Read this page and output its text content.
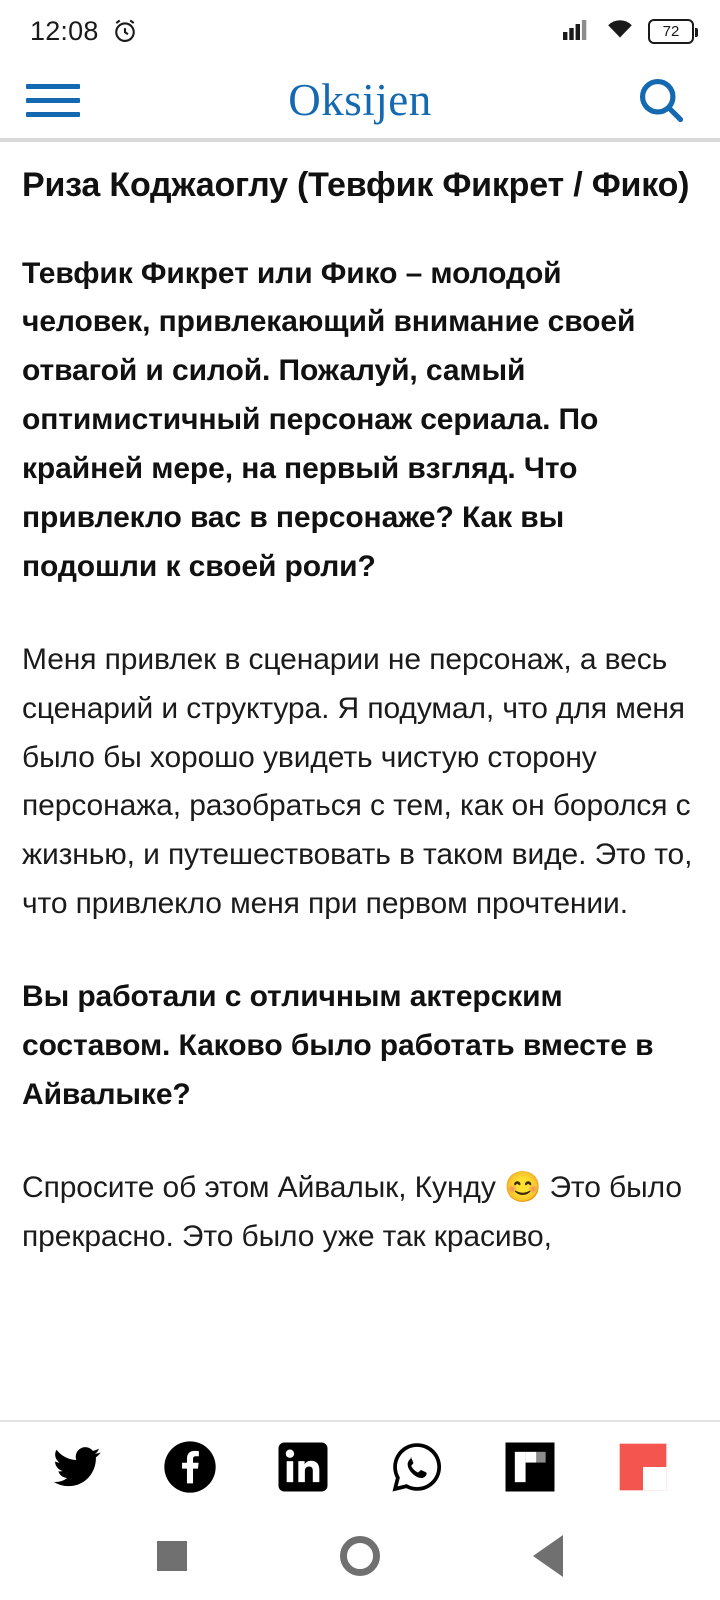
12:08	72
Oksijen
Риза Коджаоглу (Тевфик Фикрет / Фико)

Тевфик Фикрет или Фико – молодой человек, привлекающий внимание своей отвагой и силой. Пожалуй, самый оптимистичный персонаж сериала. По крайней мере, на первый взгляд. Что привлекло вас в персонаже? Как вы подошли к своей роли?

Меня привлек в сценарии не персонаж, а весь сценарий и структура. Я подумал, что для меня было бы хорошо увидеть чистую сторону персонажа, разобраться с тем, как он боролся с жизнью, и путешествовать в таком виде. Это то, что привлекло меня при первом прочтении.

Вы работали с отличным актерским составом. Каково было работать вместе в Айвалыке?

Спросите об этом Айвалык, Кунду 😊 Это было прекрасно. Это было уже так красиво,
